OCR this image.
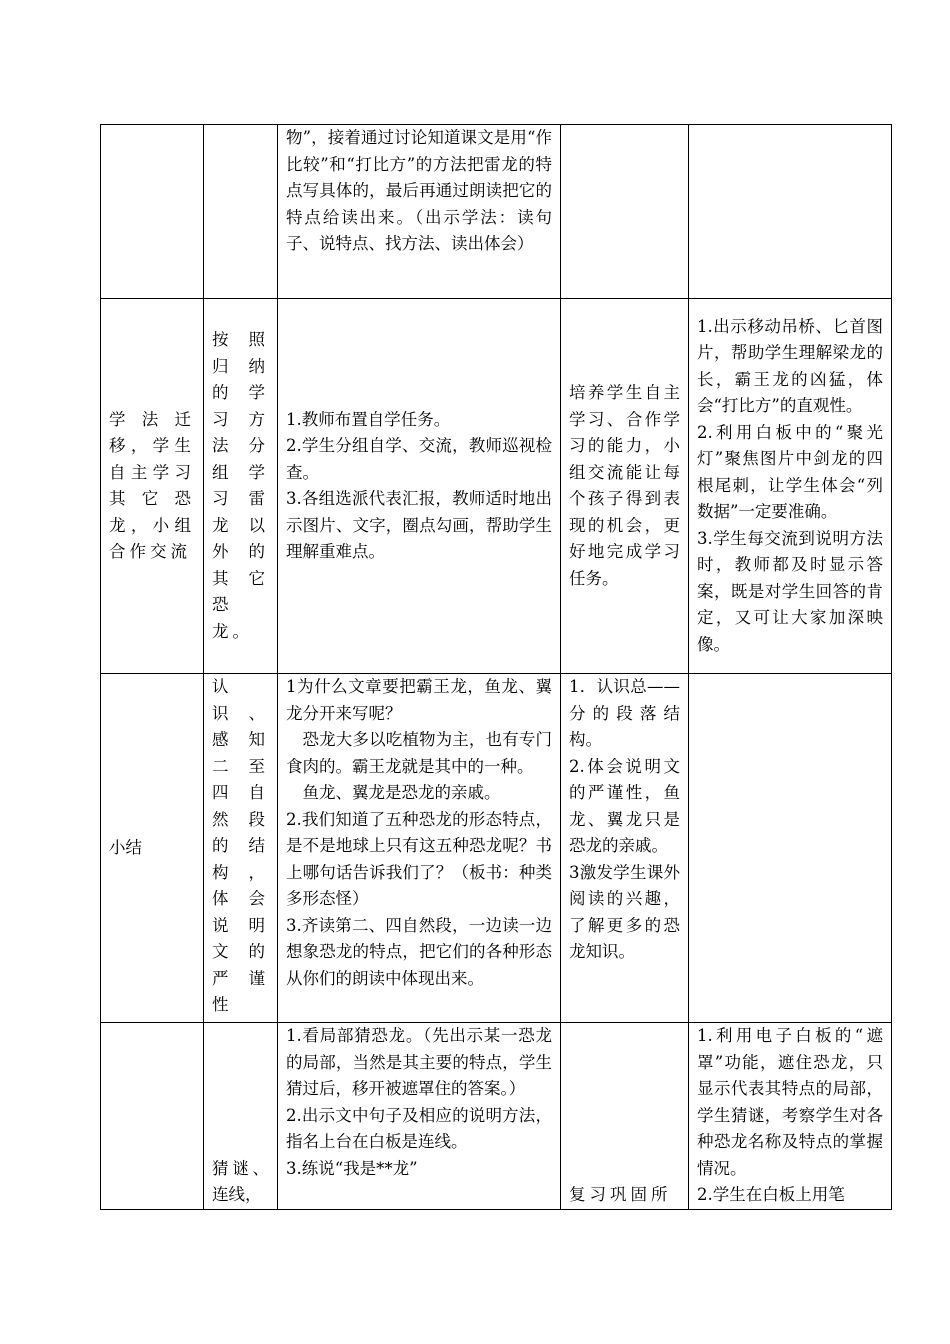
		物”，接着通过讨论知道课文是用“作比较”和“打比方”的方法把雷龙的特点写具体的，最后再通过朗读把它的特点给读出来。（出示学法：读句子、说特点、找方法、读出体会）		

学法迁移，学生自主学习其它恐龙，小组合作交流	按照归纳的学习方法分组学习雷龙以外的其它恐龙。	1.教师布置自学任务。
2.学生分组自学、交流，教师巡视检查。
3.各组选派代表汇报，教师适时地出示图片、文字，圈点勾画，帮助学生理解重难点。	培养学生自主学习、合作学习的能力，小组交流能让每个孩子得到表现的机会，更好地完成学习任务。	1.出示移动吊桥、匕首图片，帮助学生理解梁龙的长，霸王龙的凶猛，体会“打比方”的直观性。
2.利用白板中的“聚光灯”聚焦图片中剑龙的四根尾刺，让学生体会“列数据”一定要准确。
3.学生每交流到说明方法时，教师都及时显示答案，既是对学生回答的肯定，又可让大家加深映像。

小结	认识、感知二至四自然段的结构，体会说明文的严谨性	1为什么文章要把霸王龙，鱼龙、翼龙分开来写呢？
恐龙大多以吃植物为主，也有专门食肉的。霸王龙就是其中的一种。
鱼龙、翼龙是恐龙的亲戚。
2.我们知道了五种恐龙的形态特点，是不是地球上只有这五种恐龙呢？书上哪句话告诉我们了？（板书：种类多形态怪）
3.齐读第二、四自然段，一边读一边想象恐龙的特点，把它们的各种形态从你们的朗读中体现出来。	1．认识总——分的段落结构。
2.体会说明文的严谨性，鱼龙、翼龙只是恐龙的亲戚。
3激发学生课外阅读的兴趣，了解更多的恐龙知识。	

	猜谜、连线，	1.看局部猜恐龙。（先出示某一恐龙的局部，当然是其主要的特点，学生猜过后，移开被遮罩住的答案。）
2.出示文中句子及相应的说明方法，指名上台在白板是连线。
3.练说“我是**龙”	复习巩固所	1.利用电子白板的“遮罩”功能，遮住恐龙，只显示代表其特点的局部，学生猜谜，考察学生对各种恐龙名称及特点的掌握情况。
2.学生在白板上用笔
